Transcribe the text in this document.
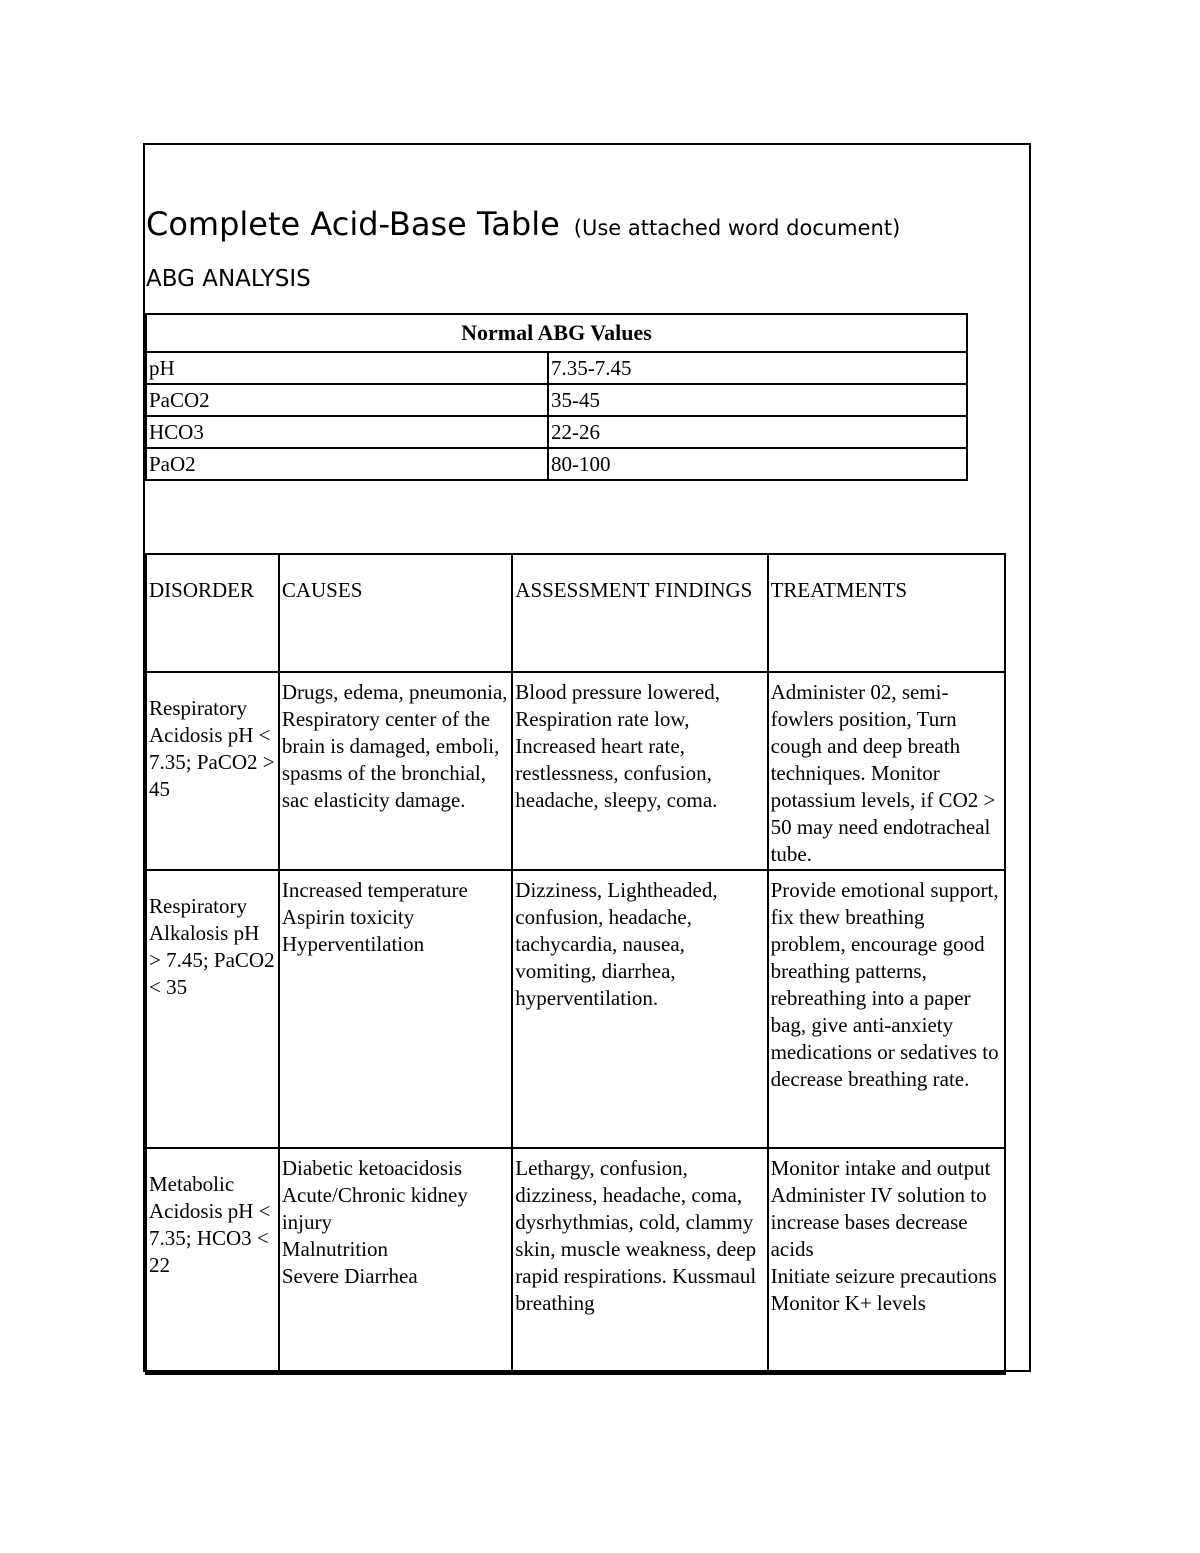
Complete Acid-Base Table (Use attached word document)
ABG ANALYSIS
Normal ABG Values	
pH	7.35-7.45
PaCO2	35-45
HCO3	22-26
PaO2	80-100
DISORDER	CAUSES	ASSESSMENT FINDINGS	TREATMENTS
Respiratory Acidosis pH < 7.35; PaCO2 > 45	Drugs, edema, pneumonia, Respiratory center of the brain is damaged, emboli, spasms of the bronchial, sac elasticity damage.	Blood pressure lowered, Respiration rate low, Increased heart rate, restlessness, confusion, headache, sleepy, coma.	Administer 02, semi-fowlers position, Turn cough and deep breath techniques. Monitor potassium levels, if CO2 > 50 may need endotracheal tube.
Respiratory Alkalosis pH > 7.45; PaCO2 < 35	Increased temperature
Aspirin toxicity
Hyperventilation	Dizziness, Lightheaded, confusion, headache, tachycardia, nausea, vomiting, diarrhea, hyperventilation.	Provide emotional support, fix thew breathing problem, encourage good breathing patterns, rebreathing into a paper bag, give anti-anxiety medications or sedatives to decrease breathing rate.
Metabolic Acidosis pH < 7.35; HCO3 < 22	Diabetic ketoacidosis
Acute/Chronic kidney injury
Malnutrition
Severe Diarrhea	Lethargy, confusion, dizziness, headache, coma, dysrhythmias, cold, clammy skin, muscle weakness, deep rapid respirations. Kussmaul breathing	Monitor intake and output
Administer IV solution to increase bases decrease acids
Initiate seizure precautions
Monitor K+ levels
